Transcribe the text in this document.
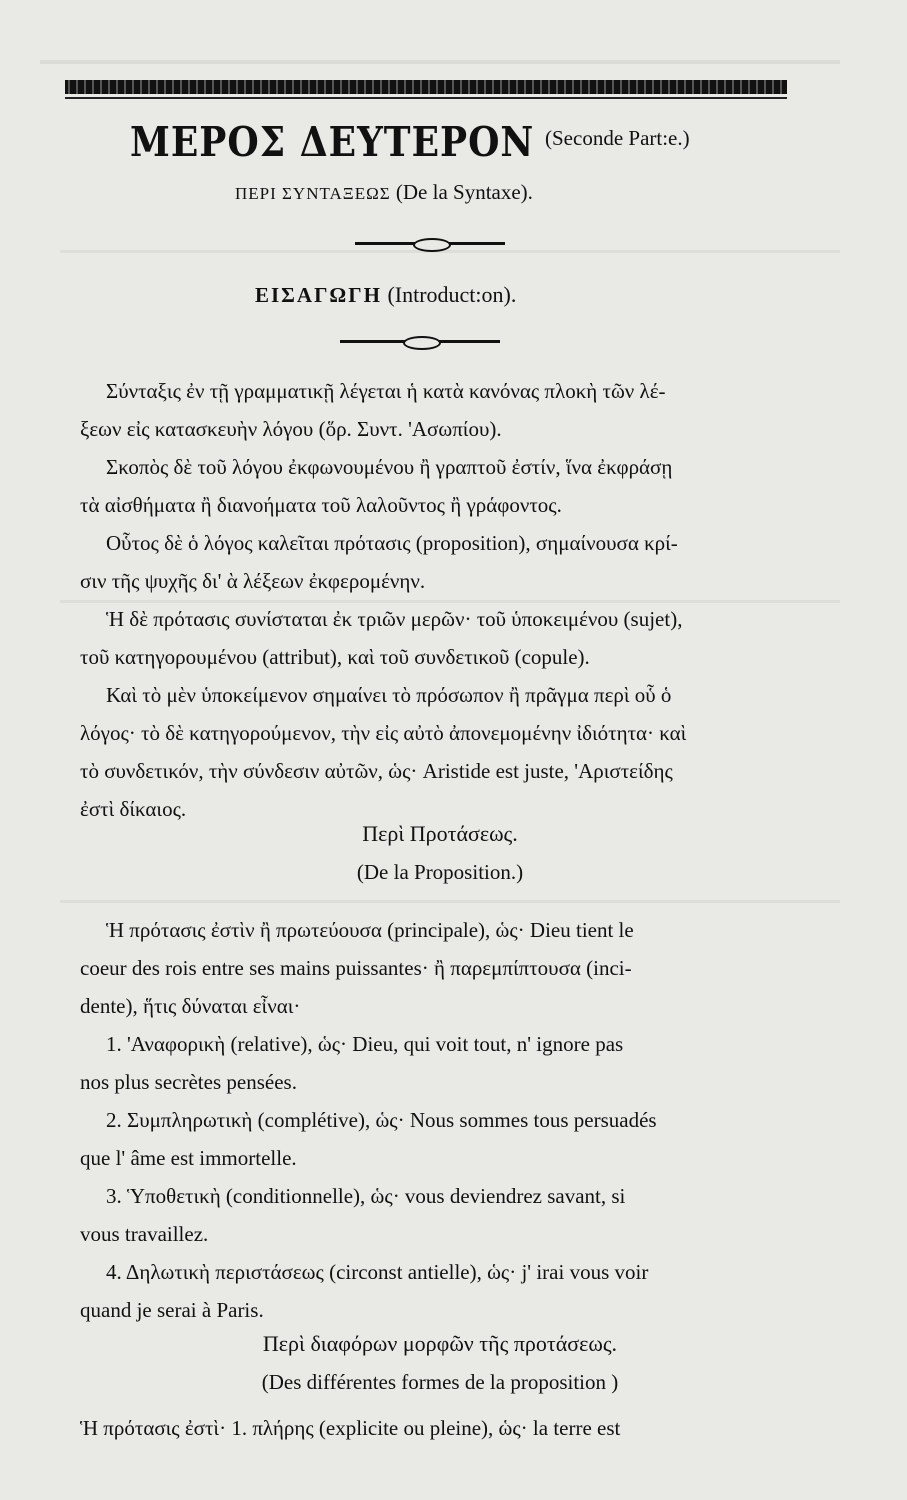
ΜΕΡΟΣ ΔΕΥΤΕΡΟΝ (Seconde Part:e.)
ΠΕΡΙ ΣΥΝΤΑΞΕΩΣ (De la Syntaxe).
ΕΙΣΑΓΩΓΗ (Introduct:on).
Σύνταξις ἐν τῇ γραμματικῇ λέγεται ἡ κατὰ κανόνας πλοκὴ τῶν λέ-
ξεων εἰς κατασκευὴν λόγου (ὅρ. Συντ. 'Ασωπίου).
Σκοπὸς δὲ τοῦ λόγου ἐκφωνουμένου ἢ γραπτοῦ ἐστίν, ἵνα ἐκφράσῃ
τὰ αἰσθήματα ἢ διανοήματα τοῦ λαλοῦντος ἢ γράφοντος.
Οὗτος δὲ ὁ λόγος καλεῖται πρότασις (proposition), σημαίνουσα κρί-
σιν τῆς ψυχῆς δι' ὰ λέξεων ἐκφερομένην.
Ἡ δὲ πρότασις συνίσταται ἐκ τριῶν μερῶν· τοῦ ὑποκειμένου (sujet),
τοῦ κατηγορουμένου (attribut), καὶ τοῦ συνδετικοῦ (copule).
Καὶ τὸ μὲν ὑποκείμενον σημαίνει τὸ πρόσωπον ἢ πρᾶγμα περὶ οὗ ὁ
λόγος· τὸ δὲ κατηγορούμενον, τὴν εἰς αὐτὸ ἀπονεμομένην ἰδιότητα· καὶ
τὸ συνδετικόν, τὴν σύνδεσιν αὐτῶν, ὡς· Aristide est juste, 'Αριστείδης
ἐστὶ δίκαιος.
Περὶ Προτάσεως.
(De la Proposition.)
Ἡ πρότασις ἐστὶν ἢ πρωτεύουσα (principale), ὡς· Dieu tient le
coeur des rois entre ses mains puissantes· ἢ παρεμπίπτουσα (inci-
dente), ἥτις δύναται εἶναι·
1. 'Αναφορικὴ (relative), ὡς· Dieu, qui voit tout, n' ignore pas
nos plus secrètes pensées.
2. Συμπληρωτικὴ (complétive), ὡς· Nous sommes tous persuadés
que l' âme est immortelle.
3. Ὑποθετικὴ (conditionnelle), ὡς· vous deviendrez savant, si
vous travaillez.
4. Δηλωτικὴ περιστάσεως (circonst antielle), ὡς· j' irai vous voir
quand je serai à Paris.
Περὶ διαφόρων μορφῶν τῆς προτάσεως.
(Des différentes formes de la proposition )
Ἡ πρότασις ἐστὶ· 1. πλήρης (explicite ou pleine), ὡς· la terre est
